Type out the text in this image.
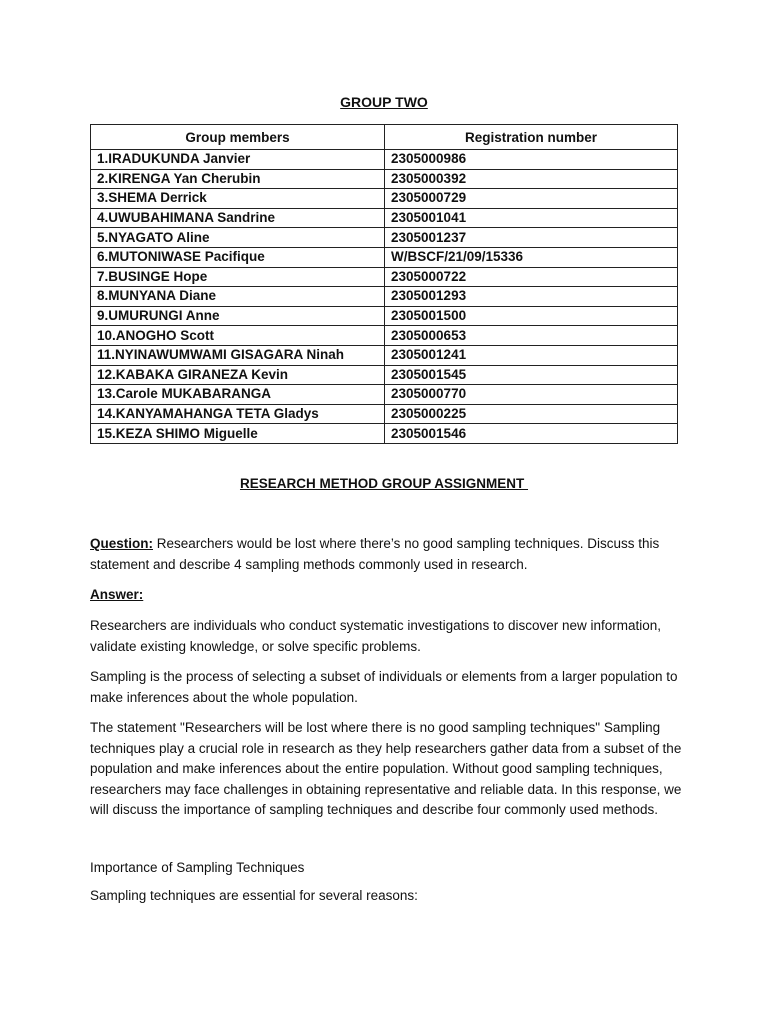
GROUP TWO
Group members	Registration number
1.IRADUKUNDA Janvier	2305000986
2.KIRENGA Yan Cherubin	2305000392
3.SHEMA Derrick	2305000729
4.UWUBAHIMANA Sandrine	2305001041
5.NYAGATO Aline	2305001237
6.MUTONIWASE Pacifique	W/BSCF/21/09/15336
7.BUSINGE Hope	2305000722
8.MUNYANA Diane	2305001293
9.UMURUNGI Anne	2305001500
10.ANOGHO Scott	2305000653
11.NYINAWUMWAMI GISAGARA Ninah	2305001241
12.KABAKA GIRANEZA Kevin	2305001545
13.Carole MUKABARANGA	2305000770
14.KANYAMAHANGA TETA Gladys	2305000225
15.KEZA SHIMO Miguelle	2305001546
RESEARCH METHOD GROUP ASSIGNMENT
Question: Researchers would be lost where there’s no good sampling techniques. Discuss this statement and describe 4 sampling methods commonly used in research.
Answer:
Researchers are individuals who conduct systematic investigations to discover new information, validate existing knowledge, or solve specific problems.
Sampling is the process of selecting a subset of individuals or elements from a larger population to make inferences about the whole population.
The statement "Researchers will be lost where there is no good sampling techniques" Sampling techniques play a crucial role in research as they help researchers gather data from a subset of the population and make inferences about the entire population. Without good sampling techniques, researchers may face challenges in obtaining representative and reliable data. In this response, we will discuss the importance of sampling techniques and describe four commonly used methods.
Importance of Sampling Techniques
Sampling techniques are essential for several reasons:
